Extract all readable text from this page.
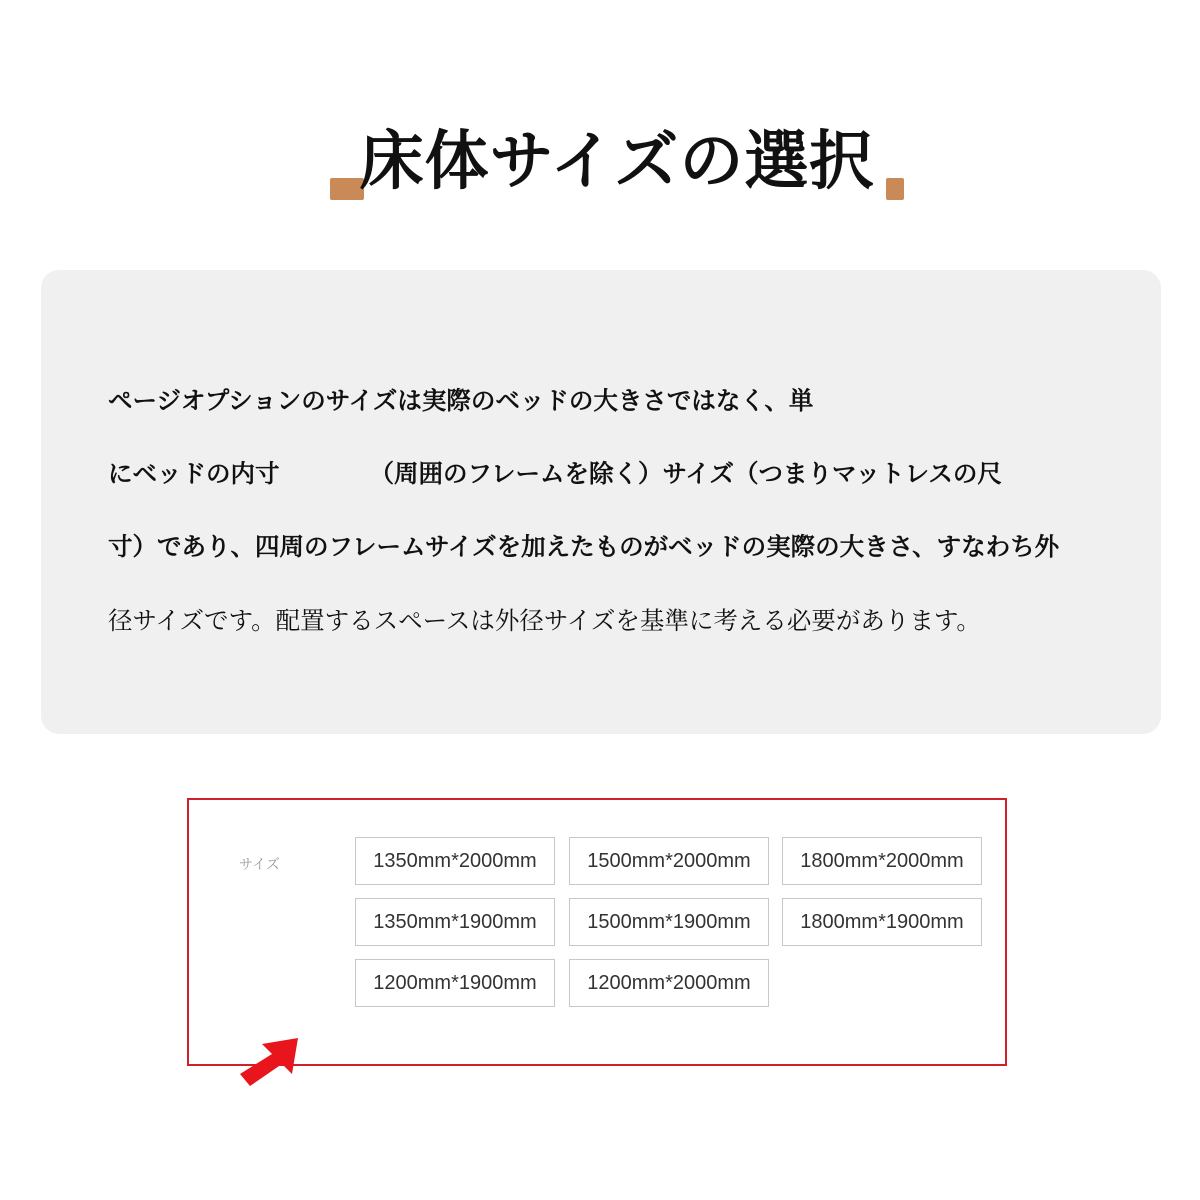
床体サイズの選択
ページオプションのサイズは実際のベッドの大きさではなく、単
にベッドの内寸	（周囲のフレームを除く）サイズ（つまりマットレスの尺
寸）であり、四周のフレームサイズを加えたものがベッドの実際の大きさ、すなわち外
径サイズです。配置するスペースは外径サイズを基準に考える必要があります。
サイズ	1350mm*2000mm	1500mm*2000mm	1800mm*2000mm
1350mm*1900mm	1500mm*1900mm	1800mm*1900mm
1200mm*1900mm	1200mm*2000mm
